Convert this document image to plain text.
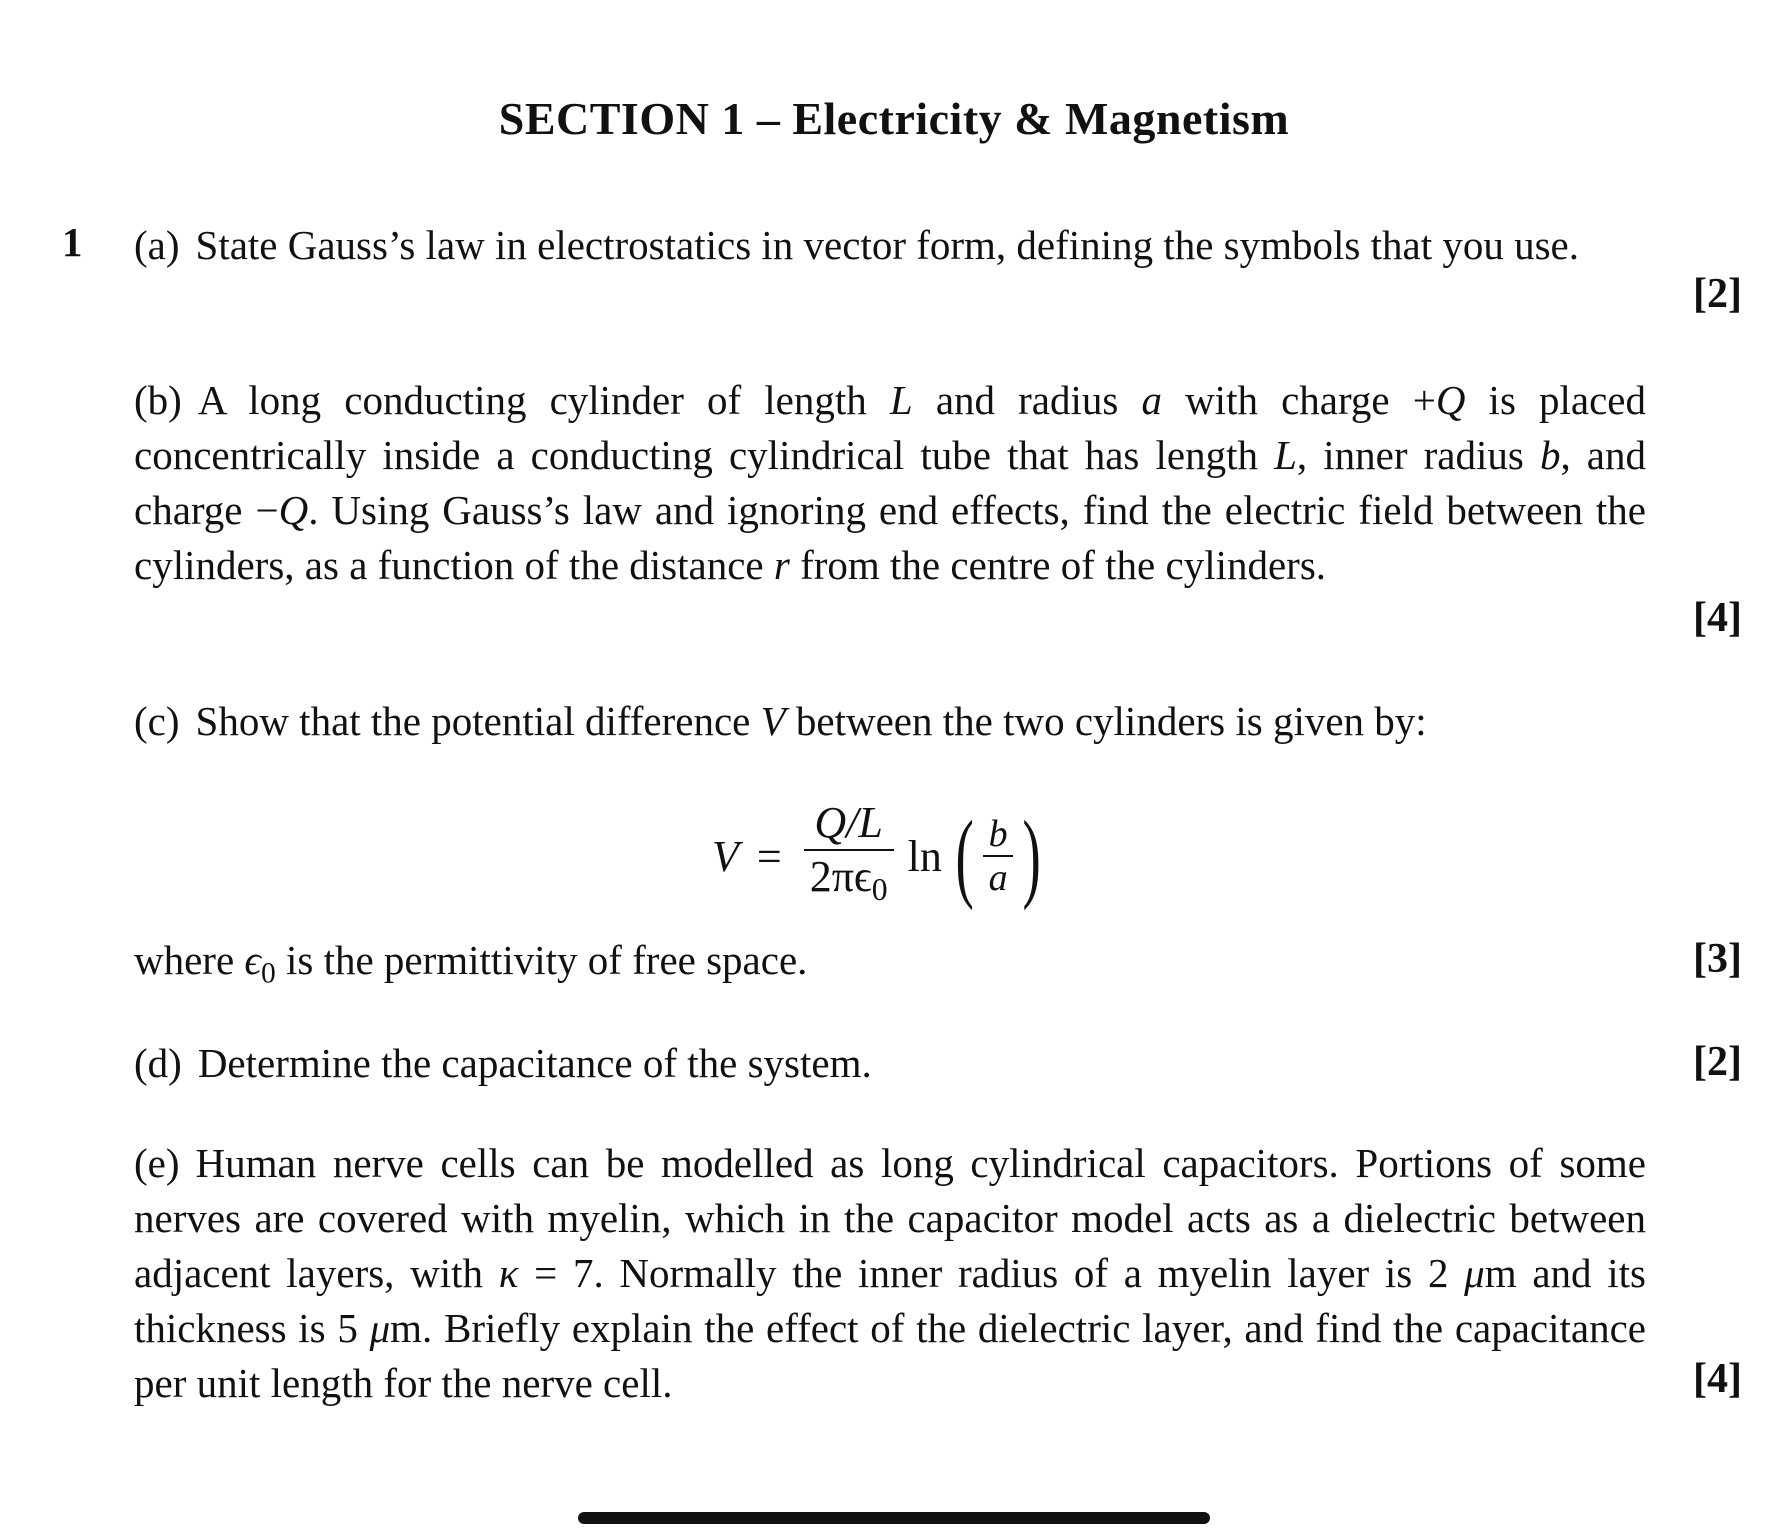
SECTION 1 – Electricity & Magnetism
1 (a) State Gauss’s law in electrostatics in vector form, defining the symbols that you use.
[2]
(b) A long conducting cylinder of length L and radius a with charge +Q is placed concentrically inside a conducting cylindrical tube that has length L, inner radius b, and charge −Q. Using Gauss’s law and ignoring end effects, find the electric field between the cylinders, as a function of the distance r from the centre of the cylinders.
[4]
(c) Show that the potential difference V between the two cylinders is given by:
$V = \frac{Q/L}{2\pi\epsilon_0}$ ln ( b
a )
where $\epsilon_0$ is the permittivity of free space.	[3]
(d) Determine the capacitance of the system.	[2]
(e) Human nerve cells can be modelled as long cylindrical capacitors. Portions of some nerves are covered with myelin, which in the capacitor model acts as a dielectric between adjacent layers, with κ = 7. Normally the inner radius of a myelin layer is 2 μm and its thickness is 5 μm. Briefly explain the effect of the dielectric layer, and find the capacitance per unit length for the nerve cell.	[4]
